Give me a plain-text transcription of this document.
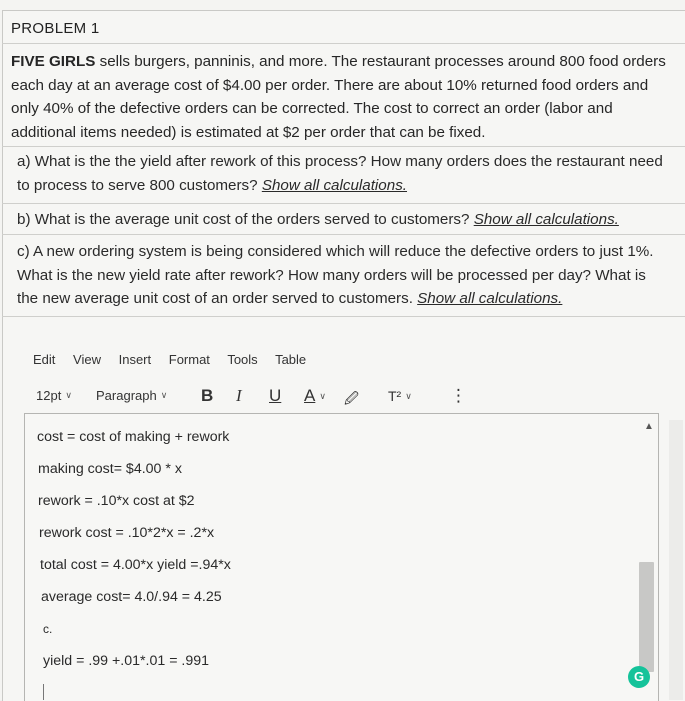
PROBLEM 1
FIVE GIRLS sells burgers, panninis, and more. The restaurant processes around 800 food orders each day at an average cost of $4.00 per order. There are about 10% returned food orders and only 40% of the defective orders can be corrected. The cost to correct an order (labor and additional items needed) is estimated at $2 per order that can be fixed.
a) What is the the yield after rework of this process? How many orders does the restaurant need to process to serve 800 customers? Show all calculations.
b) What is the average unit cost of the orders served to customers? Show all calculations.
c) A new ordering system is being considered which will reduce the defective orders to just 1%. What is the new yield rate after rework? How many orders will be processed per day? What is the new average unit cost of an order served to customers. Show all calculations.
Edit View Insert Format Tools Table
12pt ∨ Paragraph ∨ B I U A ∨ 🖉 T² ∨ ⋮
▲
cost = cost of making + rework
making cost= $4.00 * x
rework = .10*x cost at $2
rework cost = .10*2*x = .2*x
total cost = 4.00*x yield =.94*x
average cost= 4.0/.94 = 4.25
c.
yield = .99 +.01*.01 = .991
G
